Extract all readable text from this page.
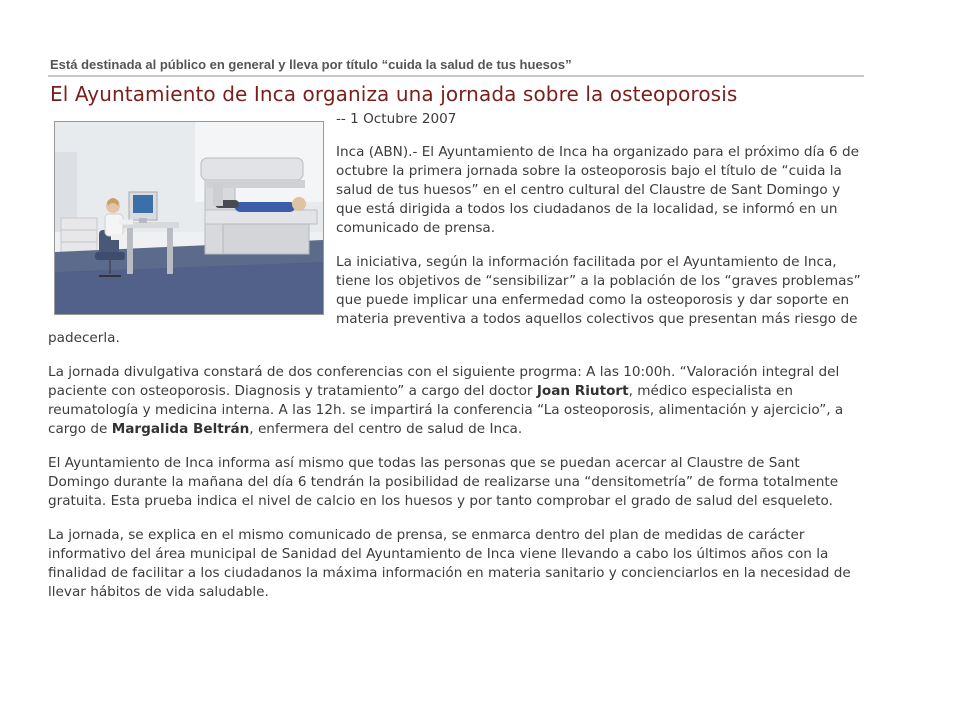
Está destinada al público en general y lleva por título “cuida la salud de tus huesos”
El Ayuntamiento de Inca organiza una jornada sobre la osteoporosis
-- 1 Octubre 2007

Inca (ABN).- El Ayuntamiento de Inca ha organizado para el próximo día 6 de octubre la primera jornada sobre la osteoporosis bajo el título de “cuida la salud de tus huesos” en el centro cultural del Claustre de Sant Domingo y que está dirigida a todos los ciudadanos de la localidad, se informó en un comunicado de prensa.

La iniciativa, según la información facilitada por el Ayuntamiento de Inca, tiene los objetivos de “sensibilizar” a la población de los “graves problemas” que puede implicar una enfermedad como la osteoporosis y dar soporte en materia preventiva a todos aquellos colectivos que presentan más riesgo de padecerla.

La jornada divulgativa constará de dos conferencias con el siguiente progrma: A las 10:00h. “Valoración integral del paciente con osteoporosis. Diagnosis y tratamiento” a cargo del doctor Joan Riutort, médico especialista en reumatología y medicina interna. A las 12h. se impartirá la conferencia “La osteoporosis, alimentación y ajercicio”, a cargo de Margalida Beltrán, enfermera del centro de salud de Inca.

El Ayuntamiento de Inca informa así mismo que todas las personas que se puedan acercar al Claustre de Sant Domingo durante la mañana del día 6 tendrán la posibilidad de realizarse una “densitometría” de forma totalmente gratuita. Esta prueba indica el nivel de calcio en los huesos y por tanto comprobar el grado de salud del esqueleto.

La jornada, se explica en el mismo comunicado de prensa, se enmarca dentro del plan de medidas de carácter informativo del área municipal de Sanidad del Ayuntamiento de Inca viene llevando a cabo los últimos años con la finalidad de facilitar a los ciudadanos la máxima información en materia sanitario y concienciarlos en la necesidad de llevar hábitos de vida saludable.
